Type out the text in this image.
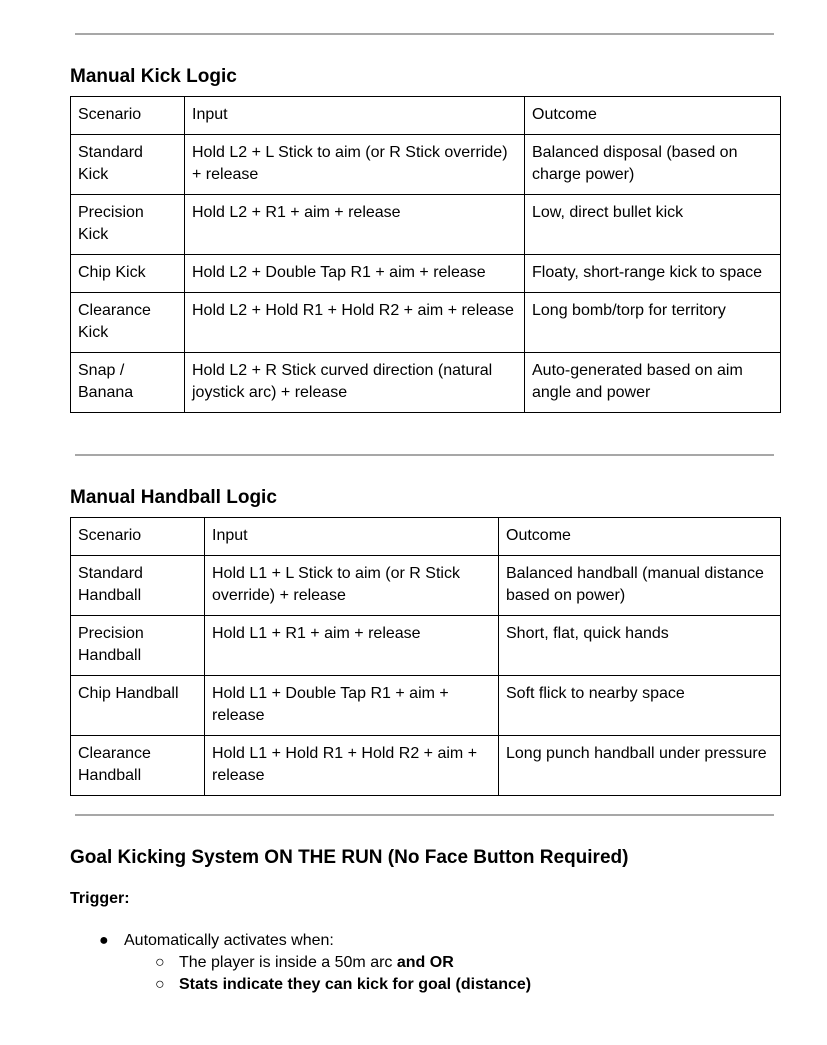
Manual Kick Logic
Scenario	Input	Outcome
Standard Kick	Hold L2 + L Stick to aim (or R Stick override) + release	Balanced disposal (based on charge power)
Precision Kick	Hold L2 + R1 + aim + release	Low, direct bullet kick
Chip Kick	Hold L2 + Double Tap R1 + aim + release	Floaty, short-range kick to space
Clearance Kick	Hold L2 + Hold R1 + Hold R2 + aim + release	Long bomb/torp for territory
Snap / Banana	Hold L2 + R Stick curved direction (natural joystick arc) + release	Auto-generated based on aim angle and power
Manual Handball Logic
Scenario	Input	Outcome
Standard Handball	Hold L1 + L Stick to aim (or R Stick override) + release	Balanced handball (manual distance based on power)
Precision Handball	Hold L1 + R1 + aim + release	Short, flat, quick hands
Chip Handball	Hold L1 + Double Tap R1 + aim + release	Soft flick to nearby space
Clearance Handball	Hold L1 + Hold R1 + Hold R2 + aim + release	Long punch handball under pressure
Goal Kicking System ON THE RUN (No Face Button Required)

Trigger:

● Automatically activates when:
○ The player is inside a 50m arc and OR
○ Stats indicate they can kick for goal (distance)
